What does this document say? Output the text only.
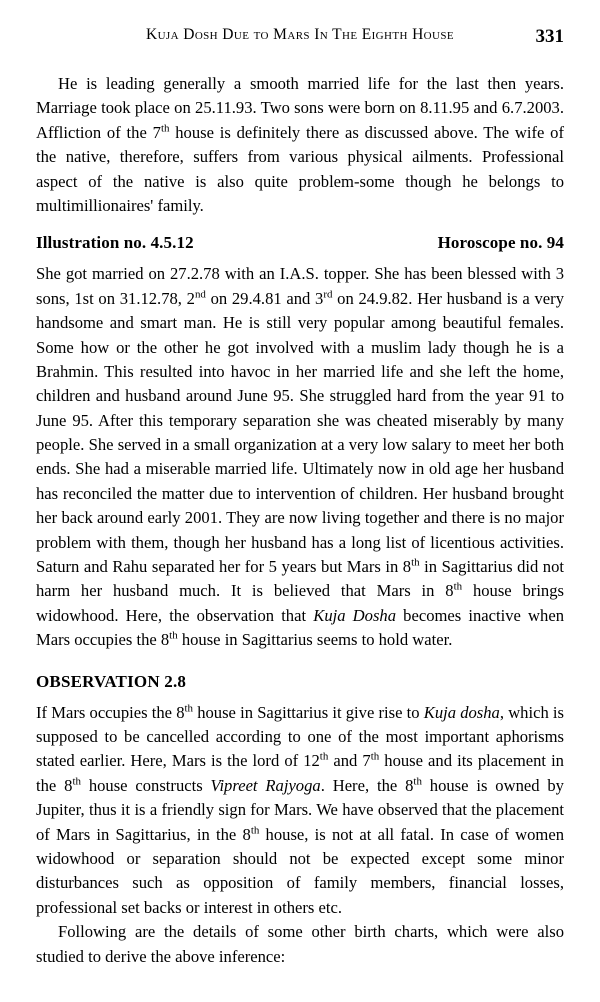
Kuja Dosh Due to Mars In The Eighth House	331

He is leading generally a smooth married life for the last then years. Marriage took place on 25.11.93. Two sons were born on 8.11.95 and 6.7.2003. Affliction of the 7th house is definitely there as discussed above. The wife of the native, therefore, suffers from various physical ailments. Professional aspect of the native is also quite problem-some though he belongs to multimillionaires' family.

Illustration no. 4.5.12	Horoscope no. 94

She got married on 27.2.78 with an I.A.S. topper. She has been blessed with 3 sons, 1st on 31.12.78, 2nd on 29.4.81 and 3rd on 24.9.82. Her husband is a very handsome and smart man. He is still very popular among beautiful females. Some how or the other he got involved with a muslim lady though he is a Brahmin. This resulted into havoc in her married life and she left the home, children and husband around June 95. She struggled hard from the year 91 to June 95. After this temporary separation she was cheated miserably by many people. She served in a small organization at a very low salary to meet her both ends. She had a miserable married life. Ultimately now in old age her husband has reconciled the matter due to intervention of children. Her husband brought her back around early 2001. They are now living together and there is no major problem with them, though her husband has a long list of licentious activities. Saturn and Rahu separated her for 5 years but Mars in 8th in Sagittarius did not harm her husband much. It is believed that Mars in 8th house brings widowhood. Here, the observation that Kuja Dosha becomes inactive when Mars occupies the 8th house in Sagittarius seems to hold water.

OBSERVATION 2.8

If Mars occupies the 8th house in Sagittarius it give rise to Kuja dosha, which is supposed to be cancelled according to one of the most important aphorisms stated earlier. Here, Mars is the lord of 12th and 7th house and its placement in the 8th house constructs Vipreet Rajyoga. Here, the 8th house is owned by Jupiter, thus it is a friendly sign for Mars. We have observed that the placement of Mars in Sagittarius, in the 8th house, is not at all fatal. In case of women widowhood or separation should not be expected except some minor disturbances such as opposition of family members, financial losses, professional set backs or interest in others etc.

Following are the details of some other birth charts, which were also studied to derive the above inference:
